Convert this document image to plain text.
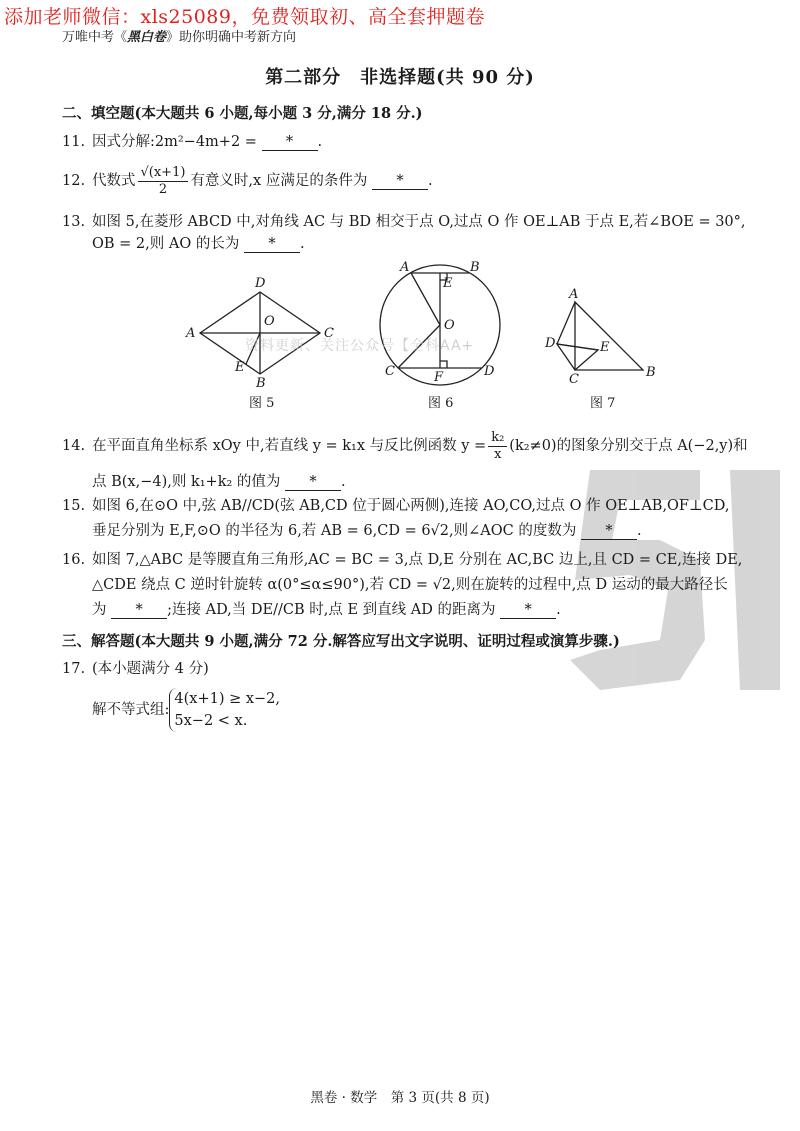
添加老师微信：xls25089，免费领取初、高全套押题卷
万唯中考《黑白卷》助你明确中考新方向
第二部分　非选择题(共 90 分)
二、填空题(本大题共 6 小题,每小题 3 分,满分 18 分.)
11. 因式分解:2m²−4m+2 = * .
12. 代数式 $\frac{√(x+1)}{2}$ 有意义时,x 应满足的条件为 * .
13. 如图 5,在菱形 ABCD 中,对角线 AC 与 BD 相交于点 O,过点 O 作 OE⊥AB 于点 E,若∠BOE = 30°,
OB = 2,则 AO 的长为 * .
A
B
C
D
E
O
图 5
A	B
C	D
E
F
O
图 6
A
B
C
D	E
图 7
资料更新、关注公众号【全科AA+
14. 在平面直角坐标系 xOy 中,若直线 y = k₁x 与反比例函数 $y = \frac{\text{k₂}}{x} (k_2\ne 0)$的图象分别交于点 A(−2,y)和
点 B(x,−4),则 k₁+k₂ 的值为 * .
15. 如图 6,在⊙O 中,弦 AB//CD(弦 AB,CD 位于圆心两侧),连接 AO,CO,过点 O 作 OE⊥AB,OF⊥CD,
垂足分别为 E,F,⊙O 的半径为 6,若 AB = 6,CD = 6√2,则∠AOC 的度数为 * .
16. 如图 7,△ABC 是等腰直角三角形,AC = BC = 3,点 D,E 分别在 AC,BC 边上,且 CD = CE,连接 DE,
△CDE 绕点 C 逆时针旋转 α(0°≤α≤90°),若 CD = √2,则在旋转的过程中,点 D 运动的最大路径长
为 * ;连接 AD,当 DE//CB 时,点 E 到直线 AD 的距离为 * .
三、解答题(本大题共 9 小题,满分 72 分.解答应写出文字说明、证明过程或演算步骤.)
17. (本小题满分 4 分)
解不等式组:4(x+1) ≥ x−2,
5x−2 < x.
黑卷 · 数学　第 3 页(共 8 页)
